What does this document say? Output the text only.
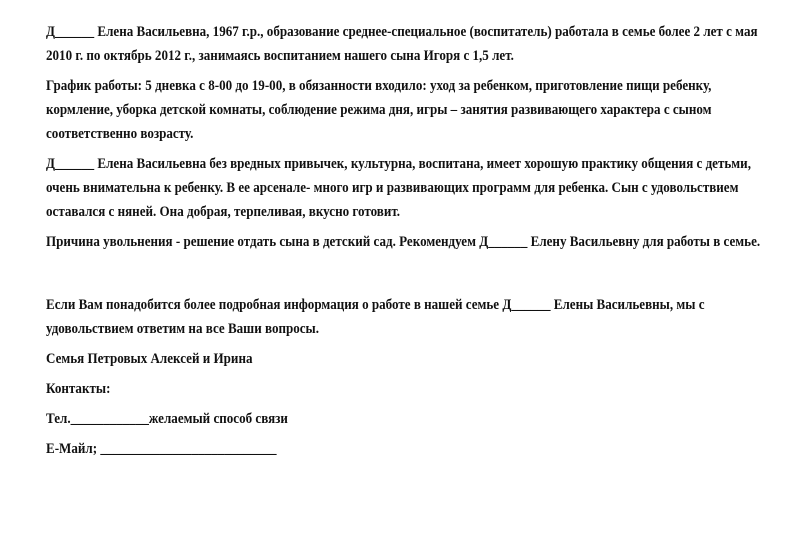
Д______ Елена Васильевна, 1967 г.р., образование среднее-специальное (воспитатель) работала в семье более 2 лет с мая 2010 г. по октябрь 2012 г., занимаясь воспитанием нашего сына Игоря с 1,5 лет.

График работы: 5 дневка с 8-00 до 19-00, в обязанности входило: уход за ребенком, приготовление пищи ребенку, кормление, уборка детской комнаты, соблюдение режима дня, игры – занятия развивающего характера с сыном соответственно возрасту.

Д______ Елена Васильевна без вредных привычек, культурна, воспитана, имеет хорошую практику общения с детьми, очень внимательна к ребенку. В ее арсенале- много игр и развивающих программ для ребенка. Сын с удовольствием оставался с няней. Она добрая, терпеливая, вкусно готовит.

Причина увольнения - решение отдать сына в детский сад. Рекомендуем Д______ Елену Васильевну для работы в семье.

Если Вам понадобится более подробная информация о работе в нашей семье Д______ Елены Васильевны, мы с удовольствием ответим на все Ваши вопросы.

Семья Петровых Алексей и Ирина

Контакты:

Тел.____________желаемый способ связи

Е-Майл; ___________________________
